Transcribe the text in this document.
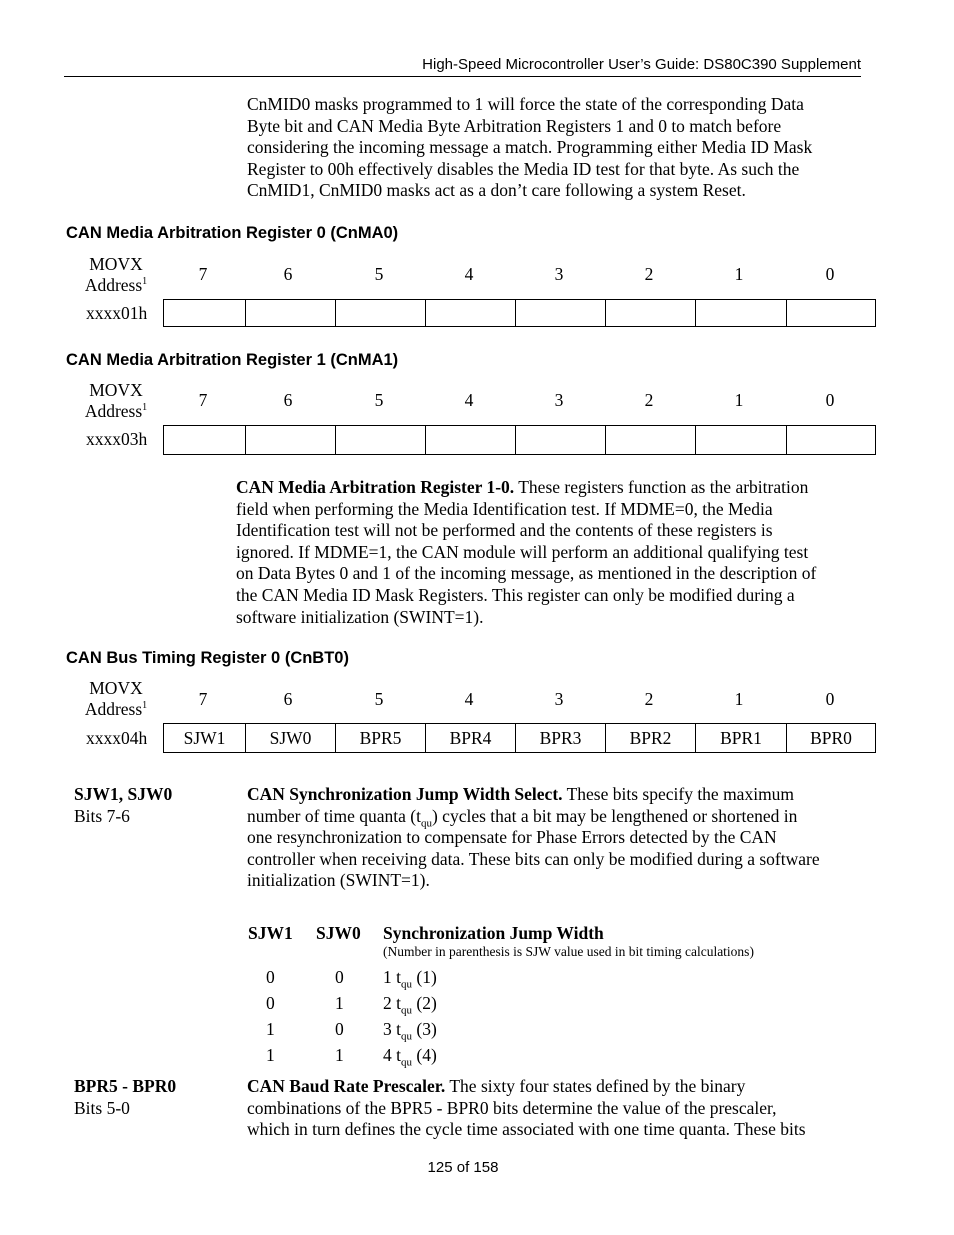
High-Speed Microcontroller User’s Guide: DS80C390 Supplement
CnMID0 masks programmed to 1 will force the state of the corresponding Data
Byte bit and CAN Media Byte Arbitration Registers 1 and 0 to match before
considering the incoming message a match. Programming either Media ID Mask
Register to 00h effectively disables the Media ID test for that byte. As such the
CnMID1, CnMID0 masks act as a don’t care following a system Reset.
CAN Media Arbitration Register 0 (CnMA0)
MOVX
Address$^1$	7	6	5	4	3	2	1	0
xxxx01h
CAN Media Arbitration Register 1 (CnMA1)
MOVX
Address$^1$	7	6	5	4	3	2	1	0
xxxx03h
CAN Media Arbitration Register 1-0. These registers function as the arbitration
field when performing the Media Identification test. If MDME=0, the Media
Identification test will not be performed and the contents of these registers is
ignored. If MDME=1, the CAN module will perform an additional qualifying test
on Data Bytes 0 and 1 of the incoming message, as mentioned in the description of
the CAN Media ID Mask Registers. This register can only be modified during a
software initialization (SWINT=1).
CAN Bus Timing Register 0 (CnBT0)
MOVX
Address$^1$	7	6	5	4	3	2	1	0
xxxx04h	SJW1	SJW0	BPR5	BPR4	BPR3	BPR2	BPR1	BPR0
SJW1, SJW0
Bits 7-6
CAN Synchronization Jump Width Select. These bits specify the maximum
number of time quanta $(t_{qu})$ cycles that a bit may be lengthened or shortened in
one resynchronization to compensate for Phase Errors detected by the CAN
controller when receiving data. These bits can only be modified during a software
initialization (SWINT=1).
SJW1 SJW0 Synchronization Jump Width
(Number in parenthesis is SJW value used in bit timing calculations)
0	0 1 $t_{qu}$ (1)
0	1 2 $t_{qu}$ (2)
1	0 3 $t_{qu}$ (3)
1	1 4 $t_{qu}$ (4)
BPR5 - BPR0
Bits 5-0
CAN Baud Rate Prescaler. The sixty four states defined by the binary
combinations of the BPR5 - BPR0 bits determine the value of the prescaler,
which in turn defines the cycle time associated with one time quanta. These bits
125 of 158
